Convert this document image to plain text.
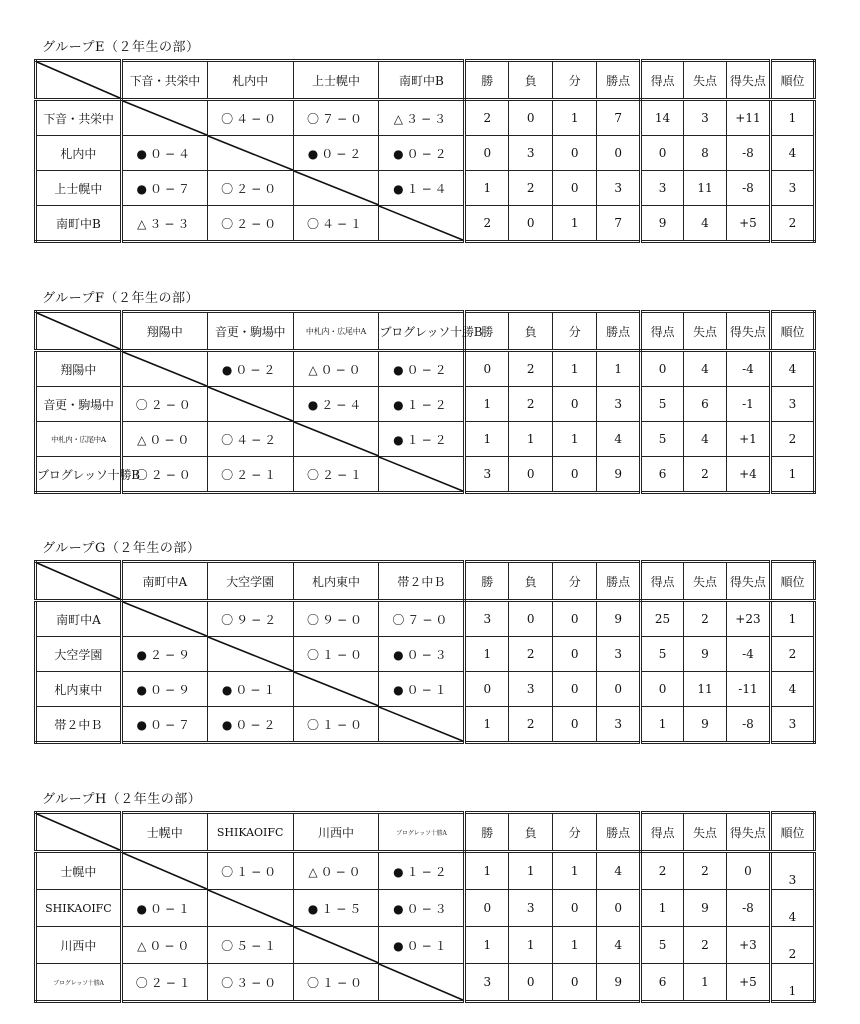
グループE（２年生の部）
	下音・共栄中	札内中	上士幌中	南町中B	勝	負	分	勝点	得点	失点	得失点	順位
下音・共栄中		〇４−０	〇７−０	△３−３	2	0	1	7	14	3	+11	1
札内中	●０−４		●０−２	●０−２	0	3	0	0	0	8	-8	4
上士幌中	●０−７	〇２−０		●１−４	1	2	0	3	3	11	-8	3
南町中B	△３−３	〇２−０	〇４−１		2	0	1	7	9	4	+5	2
グループF（２年生の部）
	翔陽中	音更・駒場中	中札内・広尾中A	ブログレッソ十勝B	勝	負	分	勝点	得点	失点	得失点	順位
翔陽中		●０−２	△０−０	●０−２	0	2	1	1	0	4	-4	4
音更・駒場中	〇２−０		●２−４	●１−２	1	2	0	3	5	6	-1	3
中札内・広尾中A	△０−０	〇４−２		●１−２	1	1	1	4	5	4	+1	2
ブログレッソ十勝B	〇２−０	〇２−１	〇２−１		3	0	0	9	6	2	+4	1
グループG（２年生の部）
	南町中A	大空学園	札内東中	帯２中Ｂ	勝	負	分	勝点	得点	失点	得失点	順位
南町中A		〇９−２	〇９−０	〇７−０	3	0	0	9	25	2	+23	1
大空学園	●２−９		〇１−０	●０−３	1	2	0	3	5	9	-4	2
札内東中	●０−９	●０−１		●０−１	0	3	0	0	0	11	-11	4
帯２中Ｂ	●０−７	●０−２	〇１−０		1	2	0	3	1	9	-8	3
グループH（２年生の部）
	士幌中	SHIKAOIFC	川西中	ブログレッソ十勝A	勝	負	分	勝点	得点	失点	得失点	順位
士幌中		〇１−０	△０−０	●１−２	1	1	1	4	2	2	0	3
SHIKAOIFC	●０−１		●１−５	●０−３	0	3	0	0	1	9	-8	4
川西中	△０−０	〇５−１		●０−１	1	1	1	4	5	2	+3	2
ブログレッソ十勝A	〇２−１	〇３−０	〇１−０		3	0	0	9	6	1	+5	1
